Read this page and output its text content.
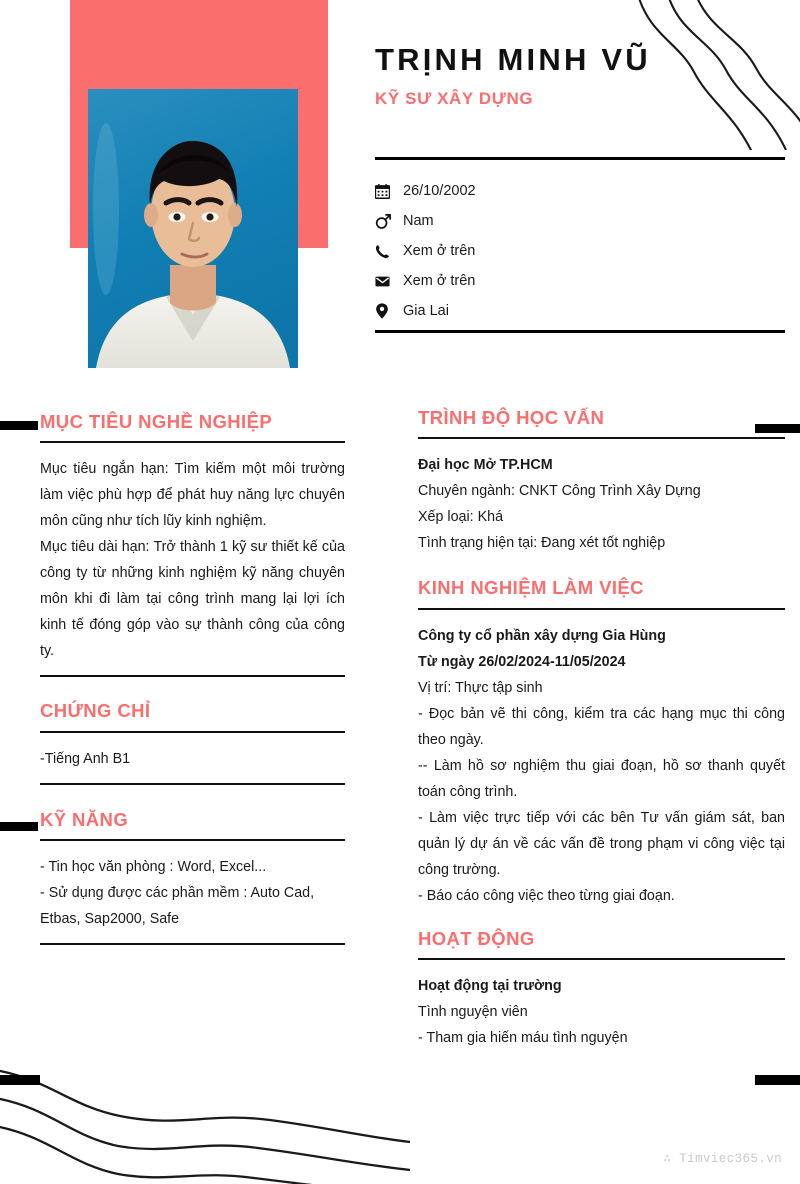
TRỊNH MINH VŨ
KỸ SƯ XÂY DỰNG
26/10/2002
Nam
Xem ở trên
Xem ở trên
Gia Lai
MỤC TIÊU NGHỀ NGHIỆP
Mục tiêu ngắn hạn: Tìm kiếm một môi trường làm việc phù hợp để phát huy năng lực chuyên môn cũng như tích lũy kinh nghiệm.
Mục tiêu dài hạn: Trở thành 1 kỹ sư thiết kế của công ty từ những kinh nghiệm kỹ năng chuyên môn khi đi làm tại công trình mang lại lợi ích kinh tế đóng góp vào sự thành công của công ty.
CHỨNG CHỈ
-Tiếng Anh B1
KỸ NĂNG
- Tin học văn phòng : Word, Excel...
- Sử dụng được các phần mềm : Auto Cad, Etbas, Sap2000, Safe
TRÌNH ĐỘ HỌC VẤN
Đại học Mở TP.HCM
Chuyên ngành: CNKT Công Trình Xây Dựng
Xếp loại: Khá
Tình trạng hiện tại: Đang xét tốt nghiệp
KINH NGHIỆM LÀM VIỆC
Công ty cổ phần xây dựng Gia Hùng
Từ ngày 26/02/2024-11/05/2024
Vị trí: Thực tập sinh
- Đọc bản vẽ thi công, kiểm tra các hạng mục thi công theo ngày.
-- Làm hồ sơ nghiệm thu giai đoạn, hồ sơ thanh quyết toán công trình.
- Làm việc trực tiếp với các bên Tư vấn giám sát, ban quản lý dự án về các vấn đề trong phạm vi công việc tại công trường.
- Báo cáo công việc theo từng giai đoạn.
HOẠT ĐỘNG
Hoạt động tại trường
Tình nguyện viên
- Tham gia hiến máu tình nguyện
∴ Timviec365.vn
